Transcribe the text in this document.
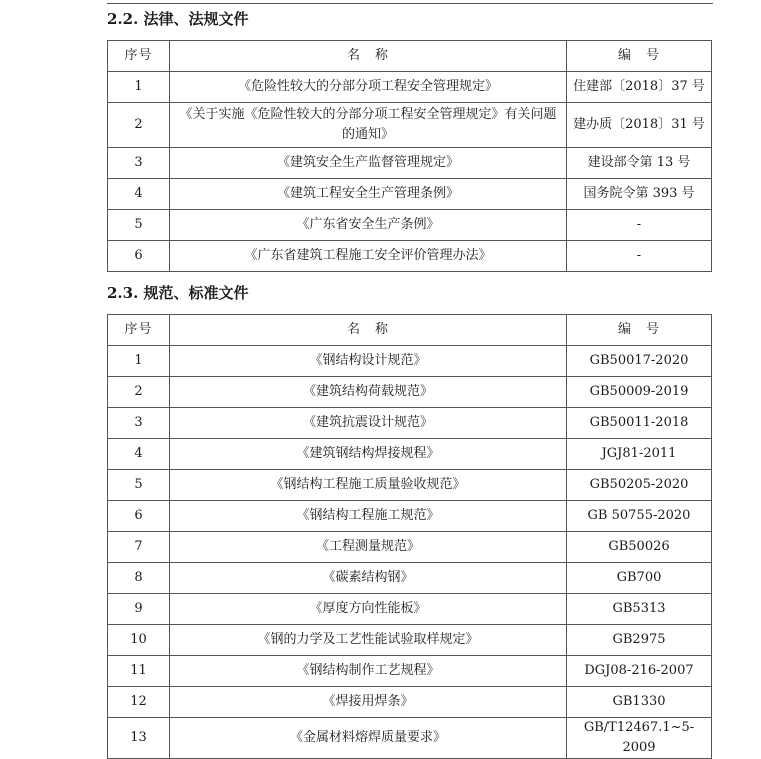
2.2. 法律、法规文件
序号	名　称	编　号
1	《危险性较大的分部分项工程安全管理规定》	住建部〔2018〕37 号
2	《关于实施《危险性较大的分部分项工程安全管理规定》有关问题的通知》	建办质〔2018〕31 号
3	《建筑安全生产监督管理规定》	建设部令第 13 号
4	《建筑工程安全生产管理条例》	国务院令第 393 号
5	《广东省安全生产条例》	-
6	《广东省建筑工程施工安全评价管理办法》	-
2.3. 规范、标准文件
序号	名　称	编　号
1	《钢结构设计规范》	GB50017-2020
2	《建筑结构荷载规范》	GB50009-2019
3	《建筑抗震设计规范》	GB50011-2018
4	《建筑钢结构焊接规程》	JGJ81-2011
5	《钢结构工程施工质量验收规范》	GB50205-2020
6	《钢结构工程施工规范》	GB 50755-2020
7	《工程测量规范》	GB50026
8	《碳素结构钢》	GB700
9	《厚度方向性能板》	GB5313
10	《钢的力学及工艺性能试验取样规定》	GB2975
11	《钢结构制作工艺规程》	DGJ08-216-2007
12	《焊接用焊条》	GB1330
13	《金属材料熔焊质量要求》	GB/T12467.1~5-2009
